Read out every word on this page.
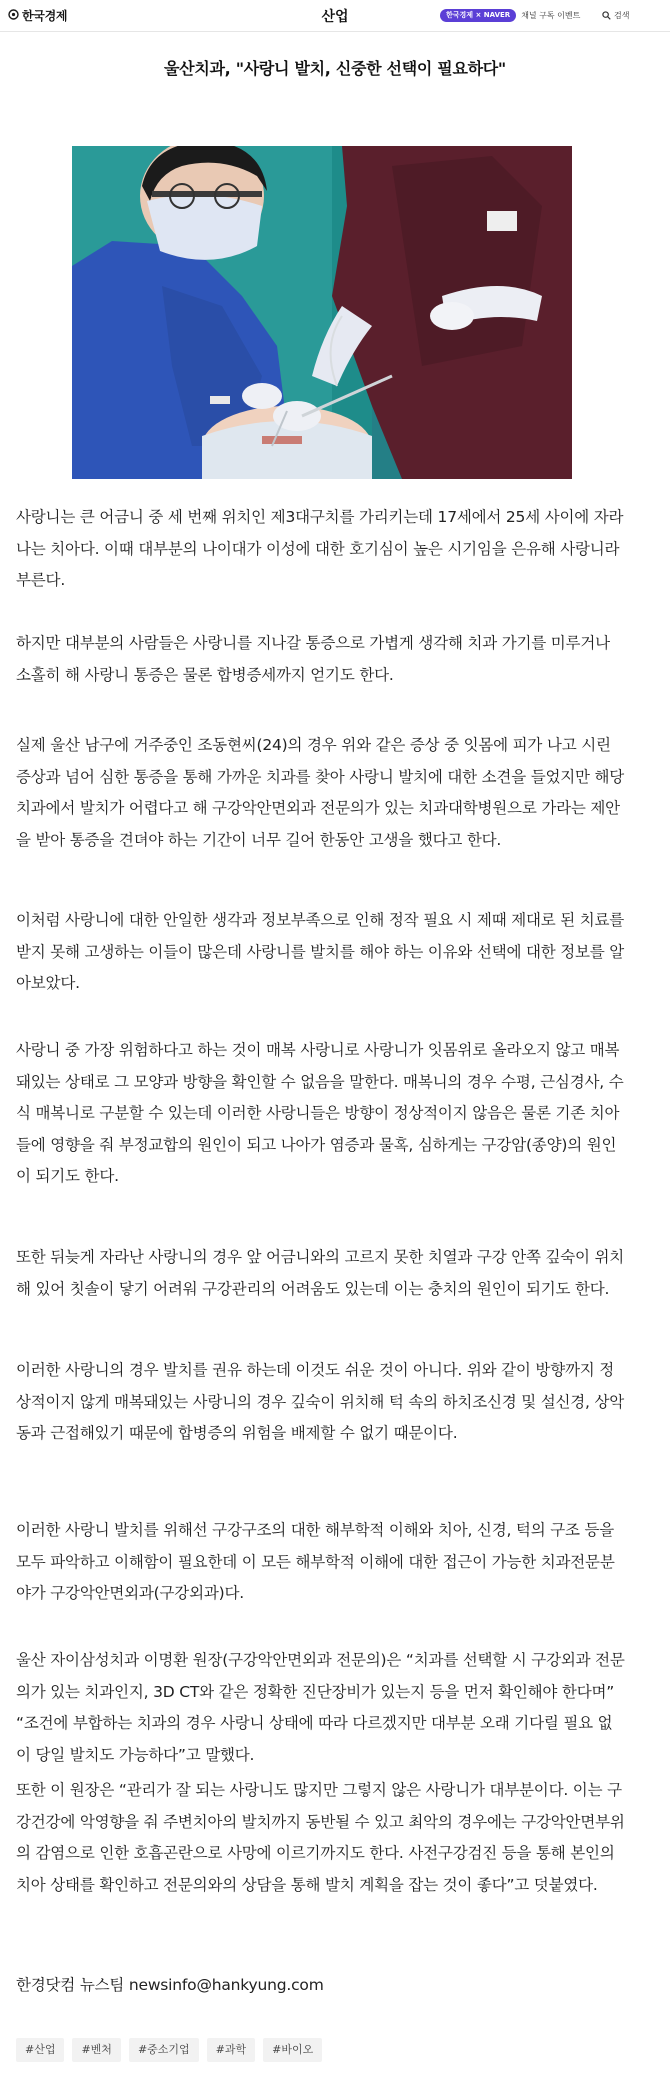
한국경제	산업	한국경제 × NAVER	채널 구독 이벤트	검색
울산치과, "사랑니 발치, 신중한 선택이 필요하다"

사랑니는 큰 어금니 중 세 번째 위치인 제3대구치를 가리키는데 17세에서 25세 사이에 자라나는 치아다. 이때 대부분의 나이대가 이성에 대한 호기심이 높은 시기임을 은유해 사랑니라 부른다.

하지만 대부분의 사람들은 사랑니를 지나갈 통증으로 가볍게 생각해 치과 가기를 미루거나 소홀히 해 사랑니 통증은 물론 합병증세까지 얻기도 한다.

실제 울산 남구에 거주중인 조동현씨(24)의 경우 위와 같은 증상 중 잇몸에 피가 나고 시린 증상과 넘어 심한 통증을 통해 가까운 치과를 찾아 사랑니 발치에 대한 소견을 들었지만 해당 치과에서 발치가 어렵다고 해 구강악안면외과 전문의가 있는 치과대학병원으로 가라는 제안을 받아 통증을 견뎌야 하는 기간이 너무 길어 한동안 고생을 했다고 한다.

이처럼 사랑니에 대한 안일한 생각과 정보부족으로 인해 정작 필요 시 제때 제대로 된 치료를 받지 못해 고생하는 이들이 많은데 사랑니를 발치를 해야 하는 이유와 선택에 대한 정보를 알아보았다.

사랑니 중 가장 위험하다고 하는 것이 매복 사랑니로 사랑니가 잇몸위로 올라오지 않고 매복돼있는 상태로 그 모양과 방향을 확인할 수 없음을 말한다. 매복니의 경우 수평, 근심경사, 수식 매복니로 구분할 수 있는데 이러한 사랑니들은 방향이 정상적이지 않음은 물론 기존 치아들에 영향을 줘 부정교합의 원인이 되고 나아가 염증과 물혹, 심하게는 구강암(종양)의 원인이 되기도 한다.

또한 뒤늦게 자라난 사랑니의 경우 앞 어금니와의 고르지 못한 치열과 구강 안쪽 깊숙이 위치해 있어 칫솔이 닿기 어려워 구강관리의 어려움도 있는데 이는 충치의 원인이 되기도 한다.

이러한 사랑니의 경우 발치를 권유 하는데 이것도 쉬운 것이 아니다. 위와 같이 방향까지 정상적이지 않게 매복돼있는 사랑니의 경우 깊숙이 위치해 턱 속의 하치조신경 및 설신경, 상악동과 근접해있기 때문에 합병증의 위험을 배제할 수 없기 때문이다.

이러한 사랑니 발치를 위해선 구강구조의 대한 해부학적 이해와 치아, 신경, 턱의 구조 등을 모두 파악하고 이해함이 필요한데 이 모든 해부학적 이해에 대한 접근이 가능한 치과전문분야가 구강악안면외과(구강외과)다.

울산 자이삼성치과 이명환 원장(구강악안면외과 전문의)은 “치과를 선택할 시 구강외과 전문의가 있는 치과인지, 3D CT와 같은 정확한 진단장비가 있는지 등을 먼저 확인해야 한다며” “조건에 부합하는 치과의 경우 사랑니 상태에 따라 다르겠지만 대부분 오래 기다릴 필요 없이 당일 발치도 가능하다”고 말했다.

또한 이 원장은 “관리가 잘 되는 사랑니도 많지만 그렇지 않은 사랑니가 대부분이다. 이는 구강건강에 악영향을 줘 주변치아의 발치까지 동반될 수 있고 최악의 경우에는 구강악안면부위의 감염으로 인한 호흡곤란으로 사망에 이르기까지도 한다. 사전구강검진 등을 통해 본인의 치아 상태를 확인하고 전문의와의 상담을 통해 발치 계획을 잡는 것이 좋다”고 덧붙였다.

한경닷컴 뉴스팀 newsinfo@hankyung.com

#산업	#벤처	#중소기업	#과학	#바이오
